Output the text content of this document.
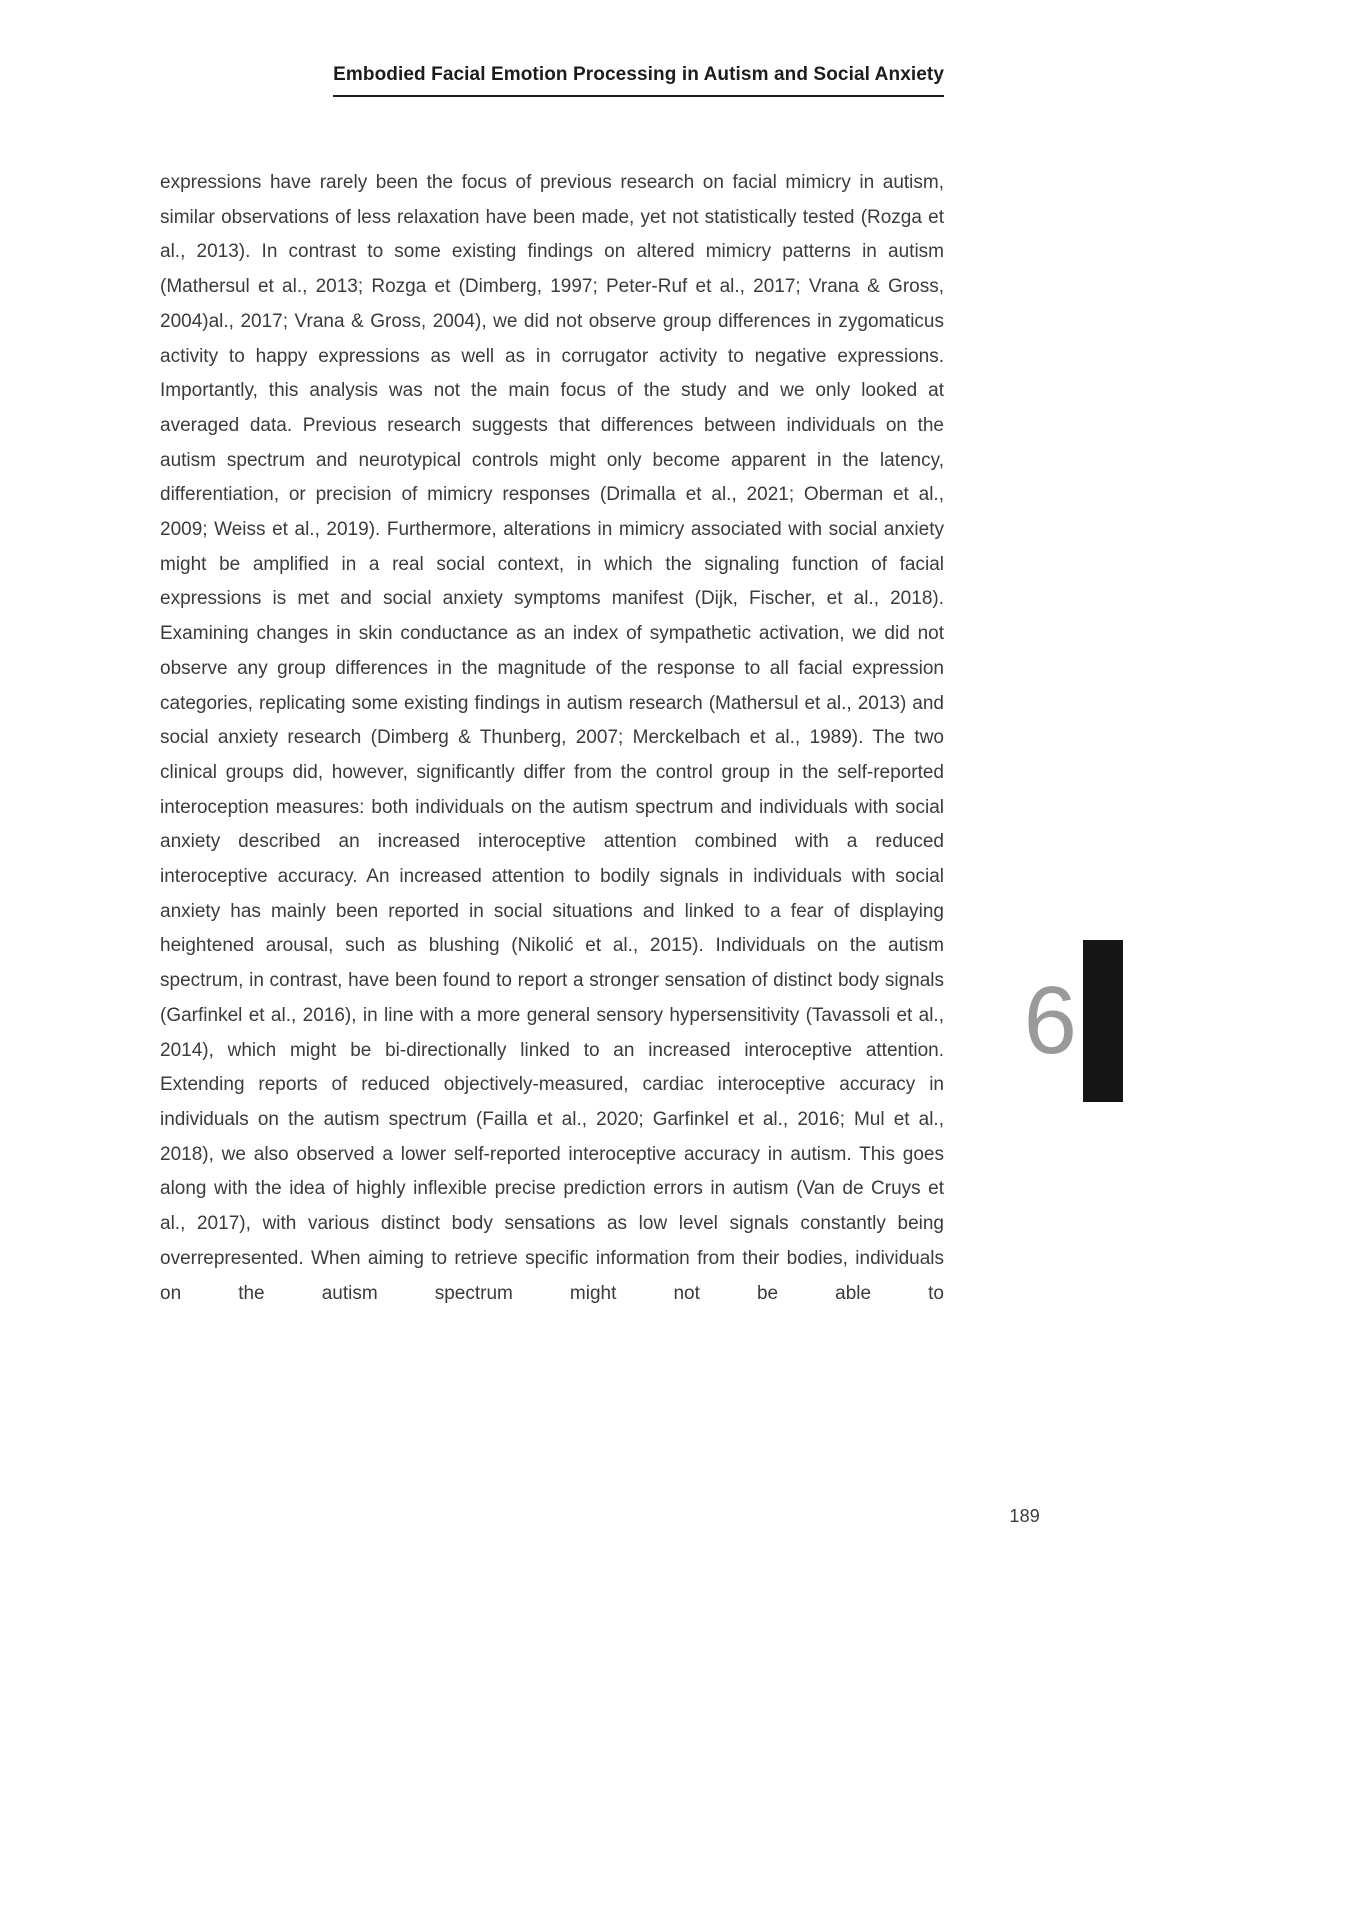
Embodied Facial Emotion Processing in Autism and Social Anxiety

expressions have rarely been the focus of previous research on facial mimicry in autism, similar observations of less relaxation have been made, yet not statistically tested (Rozga et al., 2013). In contrast to some existing findings on altered mimicry patterns in autism (Mathersul et al., 2013; Rozga et (Dimberg, 1997; Peter-Ruf et al., 2017; Vrana & Gross, 2004)al., 2017; Vrana & Gross, 2004), we did not observe group differences in zygomaticus activity to happy expressions as well as in corrugator activity to negative expressions. Importantly, this analysis was not the main focus of the study and we only looked at averaged data. Previous research suggests that differences between individuals on the autism spectrum and neurotypical controls might only become apparent in the latency, differentiation, or precision of mimicry responses (Drimalla et al., 2021; Oberman et al., 2009; Weiss et al., 2019). Furthermore, alterations in mimicry associated with social anxiety might be amplified in a real social context, in which the signaling function of facial expressions is met and social anxiety symptoms manifest (Dijk, Fischer, et al., 2018). Examining changes in skin conductance as an index of sympathetic activation, we did not observe any group differences in the magnitude of the response to all facial expression categories, replicating some existing findings in autism research (Mathersul et al., 2013) and social anxiety research (Dimberg & Thunberg, 2007; Merckelbach et al., 1989). The two clinical groups did, however, significantly differ from the control group in the self-reported interoception measures: both individuals on the autism spectrum and individuals with social anxiety described an increased interoceptive attention combined with a reduced interoceptive accuracy. An increased attention to bodily signals in individuals with social anxiety has mainly been reported in social situations and linked to a fear of displaying heightened arousal, such as blushing (Nikolić et al., 2015). Individuals on the autism spectrum, in contrast, have been found to report a stronger sensation of distinct body signals (Garfinkel et al., 2016), in line with a more general sensory hypersensitivity (Tavassoli et al., 2014), which might be bi-directionally linked to an increased interoceptive attention. Extending reports of reduced objectively-measured, cardiac interoceptive accuracy in individuals on the autism spectrum (Failla et al., 2020; Garfinkel et al., 2016; Mul et al., 2018), we also observed a lower self-reported interoceptive accuracy in autism. This goes along with the idea of highly inflexible precise prediction errors in autism (Van de Cruys et al., 2017), with various distinct body sensations as low level signals constantly being overrepresented. When aiming to retrieve specific information from their bodies, individuals on the autism spectrum might not be able to

6
189
